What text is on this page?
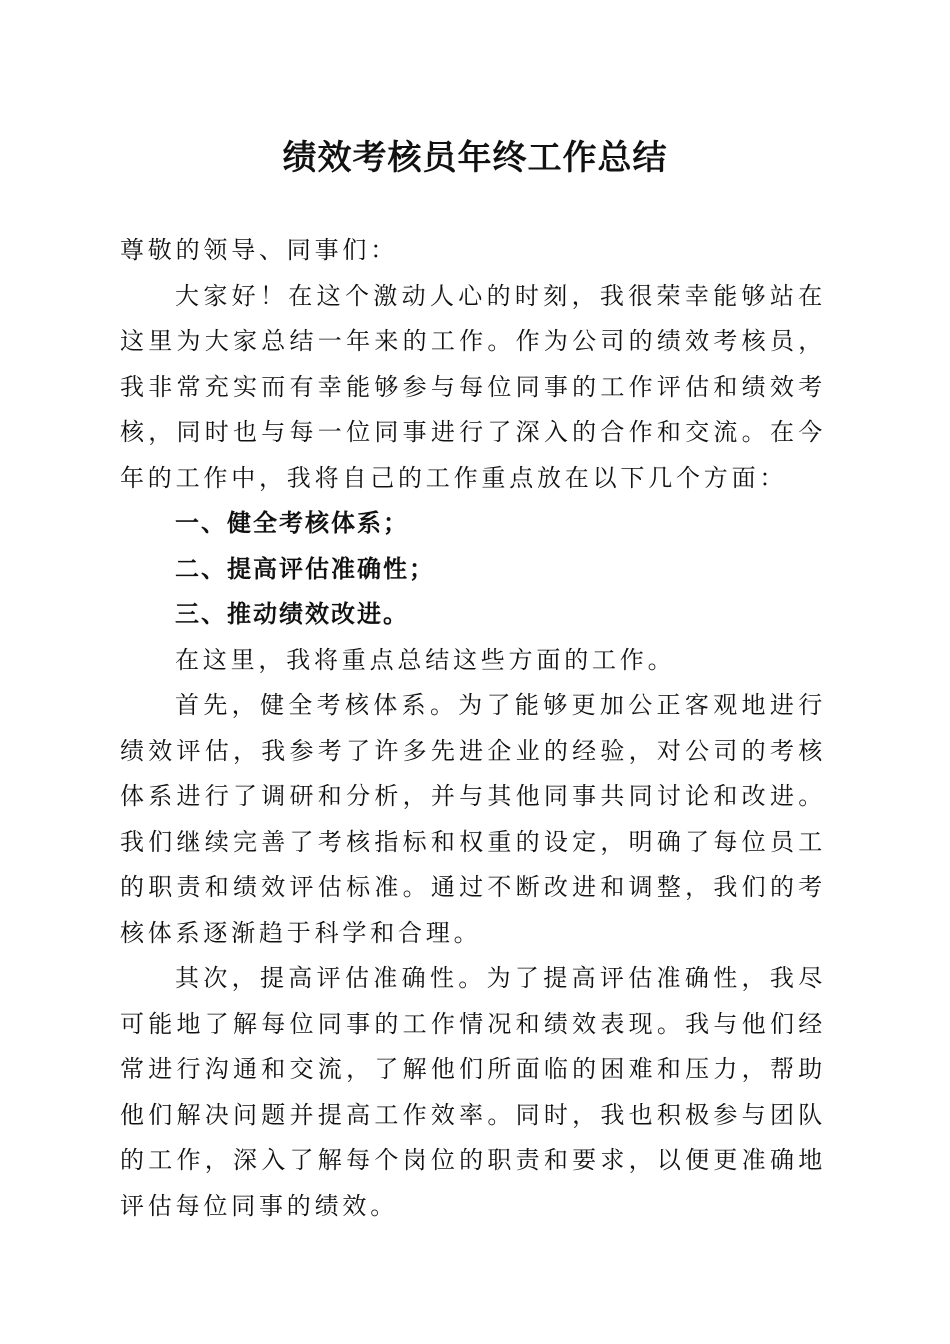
绩效考核员年终工作总结

尊敬的领导、同事们：

大家好！在这个激动人心的时刻，我很荣幸能够站在这里为大家总结一年来的工作。作为公司的绩效考核员，我非常充实而有幸能够参与每位同事的工作评估和绩效考核，同时也与每一位同事进行了深入的合作和交流。在今年的工作中，我将自己的工作重点放在以下几个方面：

一、健全考核体系；

二、提高评估准确性；

三、推动绩效改进。

在这里，我将重点总结这些方面的工作。

首先，健全考核体系。为了能够更加公正客观地进行绩效评估，我参考了许多先进企业的经验，对公司的考核体系进行了调研和分析，并与其他同事共同讨论和改进。我们继续完善了考核指标和权重的设定，明确了每位员工的职责和绩效评估标准。通过不断改进和调整，我们的考核体系逐渐趋于科学和合理。

其次，提高评估准确性。为了提高评估准确性，我尽可能地了解每位同事的工作情况和绩效表现。我与他们经常进行沟通和交流，了解他们所面临的困难和压力，帮助他们解决问题并提高工作效率。同时，我也积极参与团队的工作，深入了解每个岗位的职责和要求，以便更准确地评估每位同事的绩效。
